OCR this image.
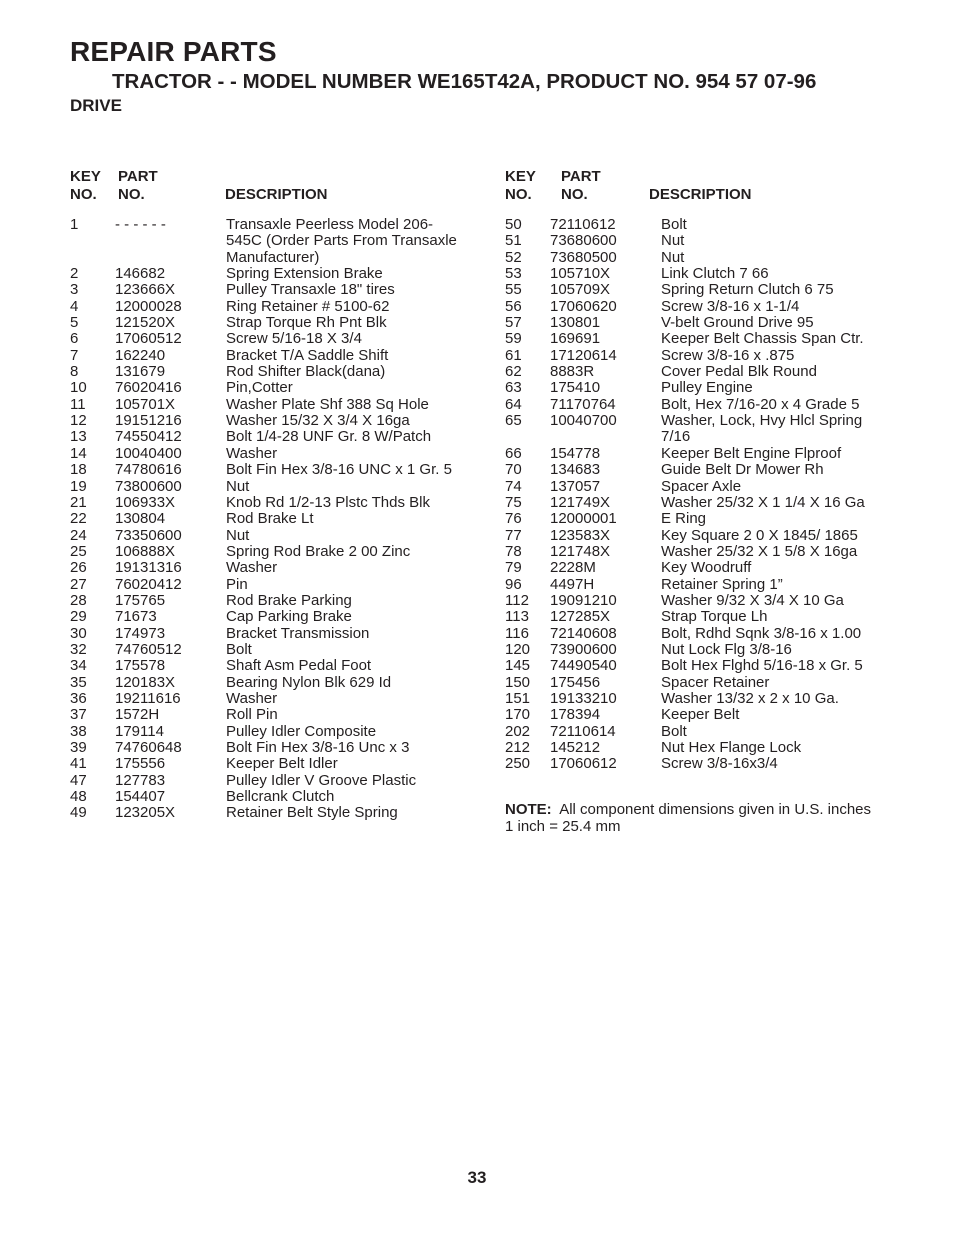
REPAIR PARTS
TRACTOR - - MODEL NUMBER WE165T42A, PRODUCT NO. 954 57 07-96
DRIVE
KEY
NO.
PART
NO.	DESCRIPTION
1	- - - - - -	Transaxle Peerless Model 206-
545C (Order Parts From Transaxle
Manufacturer)
2	146682	Spring Extension Brake
3	123666X	Pulley Transaxle 18" tires
4	12000028	Ring Retainer # 5100-62
5	121520X	Strap Torque Rh Pnt Blk
6	17060512	Screw 5/16-18 X 3/4
7	162240	Bracket T/A Saddle Shift
8	131679	Rod Shifter Black(dana)
10	76020416	Pin,Cotter
11	105701X	Washer Plate Shf 388 Sq Hole
12	19151216	Washer 15/32 X 3/4 X 16ga
13	74550412	Bolt 1/4-28 UNF Gr. 8 W/Patch
14	10040400	Washer
18	74780616	Bolt Fin Hex 3/8-16 UNC x 1 Gr. 5
19	73800600	Nut
21	106933X	Knob Rd 1/2-13 Plstc Thds Blk
22	130804	Rod Brake Lt
24	73350600	Nut
25	106888X	Spring Rod Brake 2 00 Zinc
26	19131316	Washer
27	76020412	Pin
28	175765	Rod Brake Parking
29	71673	Cap Parking Brake
30	174973	Bracket Transmission
32	74760512	Bolt
34	175578	Shaft Asm Pedal Foot
35	120183X	Bearing Nylon Blk 629 Id
36	19211616	Washer
37	1572H	Roll Pin
38	179114	Pulley Idler Composite
39	74760648	Bolt Fin Hex 3/8-16 Unc x 3
41	175556	Keeper Belt Idler
47	127783	Pulley Idler V Groove Plastic
48	154407	Bellcrank Clutch
49	123205X	Retainer Belt Style Spring
KEY
NO.
PART
NO.	DESCRIPTION
50	72110612	Bolt
51	73680600	Nut
52	73680500	Nut
53	105710X	Link Clutch 7 66
55	105709X	Spring Return Clutch 6 75
56	17060620	Screw 3/8-16 x 1-1/4
57	130801	V-belt Ground Drive 95
59	169691	Keeper Belt Chassis Span Ctr.
61	17120614	Screw 3/8-16 x .875
62	8883R	Cover Pedal Blk Round
63	175410	Pulley Engine
64	71170764	Bolt, Hex 7/16-20 x 4 Grade 5
65	10040700	Washer, Lock, Hvy Hlcl Spring
7/16
66	154778	Keeper Belt Engine Flproof
70	134683	Guide Belt Dr Mower Rh
74	137057	Spacer Axle
75	121749X	Washer 25/32 X 1 1/4 X 16 Ga
76	12000001	E Ring
77	123583X	Key Square 2 0 X 1845/ 1865
78	121748X	Washer 25/32 X 1 5/8 X 16ga
79	2228M	Key Woodruff
96	4497H	Retainer Spring 1”
112	19091210	Washer 9/32 X 3/4 X 10 Ga
113	127285X	Strap Torque Lh
116	72140608	Bolt, Rdhd Sqnk 3/8-16 x 1.00
120	73900600	Nut Lock Flg 3/8-16
145	74490540	Bolt Hex Flghd 5/16-18 x Gr. 5
150	175456	Spacer Retainer
151	19133210	Washer 13/32 x 2 x 10 Ga.
170	178394	Keeper Belt
202	72110614	Bolt
212	145212	Nut Hex Flange Lock
250	17060612	Screw 3/8-16x3/4
NOTE: All component dimensions given in U.S. inches
1 inch = 25.4 mm
33
